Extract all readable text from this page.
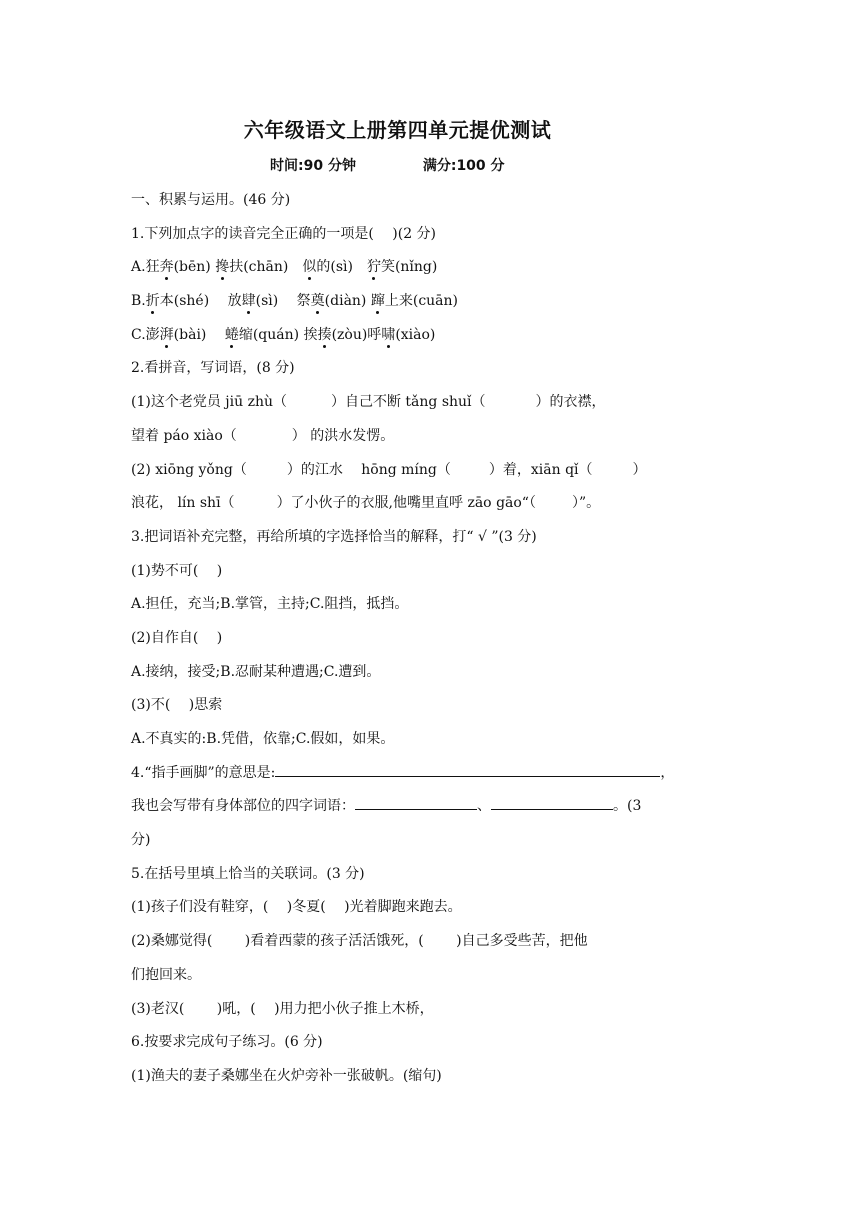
六年级语文上册第四单元提优测试
时间:90 分钟	满分:100 分
一、积累与运用。(46 分)
1.下列加点字的读音完全正确的一项是(　 )(2 分)
A.狂奔(bēn) 搀扶(chān)　似的(sì)　狞笑(nǐng)
B.折本(shé)　 放肆(sì)　 祭奠(diàn) 蹿上来(cuān)
C.澎湃(bài)　 蜷缩(quán) 挨揍(zòu)呼啸(xiào)
2.看拼音，写词语，(8 分)
(1)这个老党员 jiū zhù（	）自己不断 tǎng shuǐ（	）的衣襟，
望着 páo xiào（	） 的洪水发愣。
(2) xiōng yǒng（	）的江水　 hōng míng（	）着，xiān qǐ（	）
浪花， lín shī（	）了小伙子的衣服,他嘴里直呼 zāo gāo“（	）”。
3.把词语补充完整，再给所填的字选择恰当的解释，打“ √ ”(3 分)
(1)势不可(　 )
A.担任，充当;B.掌管，主持;C.阻挡，抵挡。
(2)自作自(　 )
A.接纳，接受;B.忍耐某种遭遇;C.遭到。
(3)不(　 )思索
A.不真实的:B.凭借，依靠;C.假如，如果。
4.“指手画脚”的意思是:	，
我也会写带有身体部位的四字词语：	、	。(3
分)
5.在括号里填上恰当的关联词。(3 分)
(1)孩子们没有鞋穿，(　 )冬夏(　 )光着脚跑来跑去。
(2)桑娜觉得(　　 )看着西蒙的孩子活活饿死，(　　 )自己多受些苦，把他
们抱回来。
(3)老汉(　　 )吼，(　 )用力把小伙子推上木桥，
6.按要求完成句子练习。(6 分)
(1)渔夫的妻子桑娜坐在火炉旁补一张破帆。(缩句)
